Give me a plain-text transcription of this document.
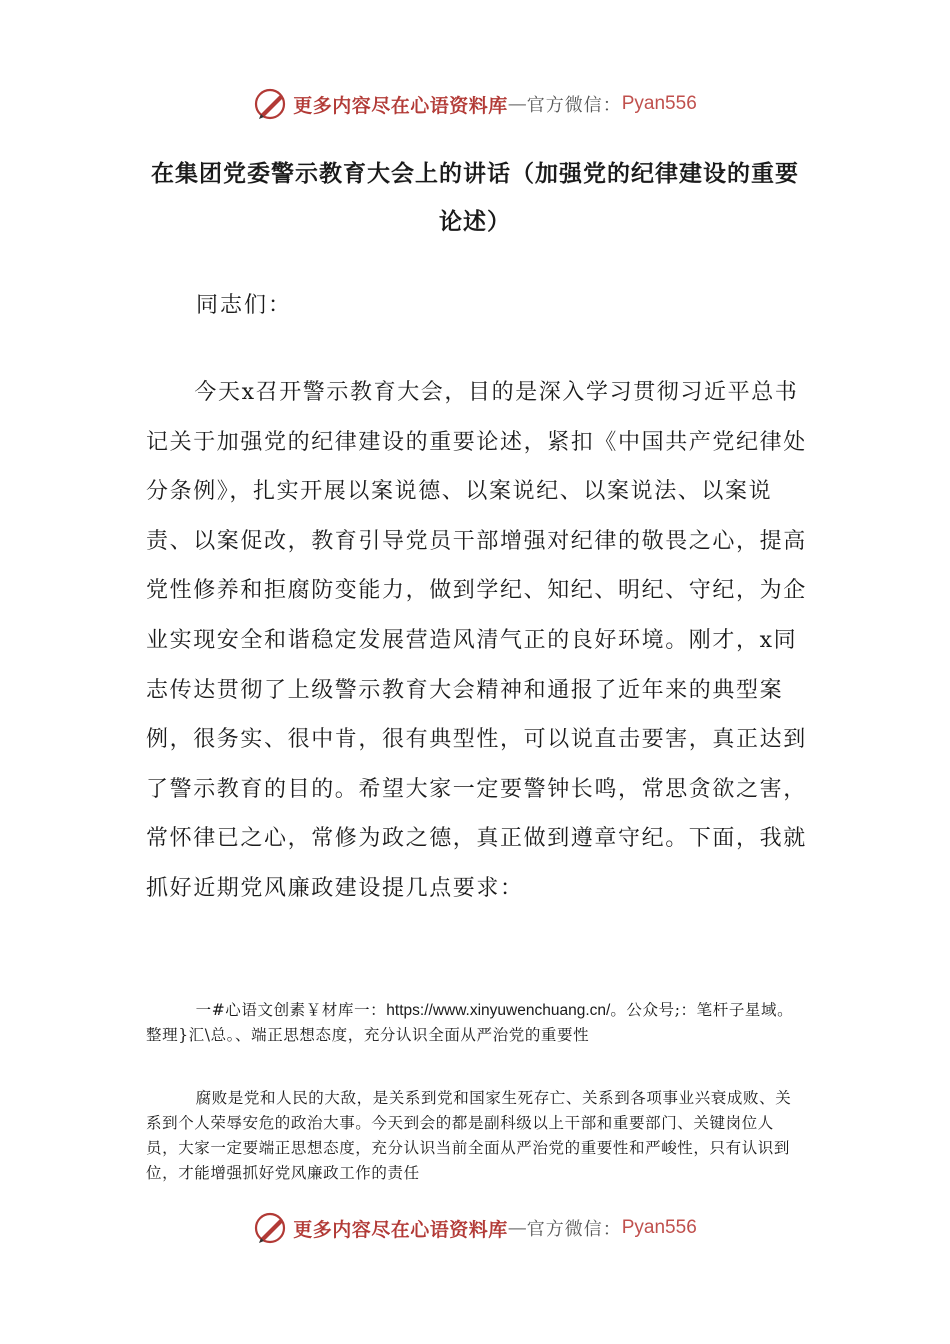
更多内容尽在心语资料库 — 官方微信： Pyan556
在集团党委警示教育大会上的讲话（加强党的纪律建设的重要论述）
同志们：

今天x召开警示教育大会，目的是深入学习贯彻习近平总书记关于加强党的纪律建设的重要论述，紧扣《中国共产党纪律处分条例》，扎实开展以案说德、以案说纪、以案说法、以案说责、以案促改，教育引导党员干部增强对纪律的敬畏之心，提高党性修养和拒腐防变能力，做到学纪、知纪、明纪、守纪，为企业实现安全和谐稳定发展营造风清气正的良好环境。刚才，x同志传达贯彻了上级警示教育大会精神和通报了近年来的典型案例，很务实、很中肯，很有典型性，可以说直击要害，真正达到了警示教育的目的。希望大家一定要警钟长鸣，常思贪欲之害，常怀律已之心，常修为政之德，真正做到遵章守纪。下面，我就抓好近期党风廉政建设提几点要求：

一#心语文创素￥材库一：https://www.xinyuwenchuang.cn/。公众号;：笔杆子星域。整理}汇\总。、端正思想态度，充分认识全面从严治党的重要性

腐败是党和人民的大敌，是关系到党和国家生死存亡、关系到各项事业兴衰成败、关系到个人荣辱安危的政治大事。今天到会的都是副科级以上干部和重要部门、关键岗位人员，大家一定要端正思想态度，充分认识当前全面从严治党的重要性和严峻性，只有认识到位，才能增强抓好党风廉政工作的责任

更多内容尽在心语资料库 — 官方微信： Pyan556
